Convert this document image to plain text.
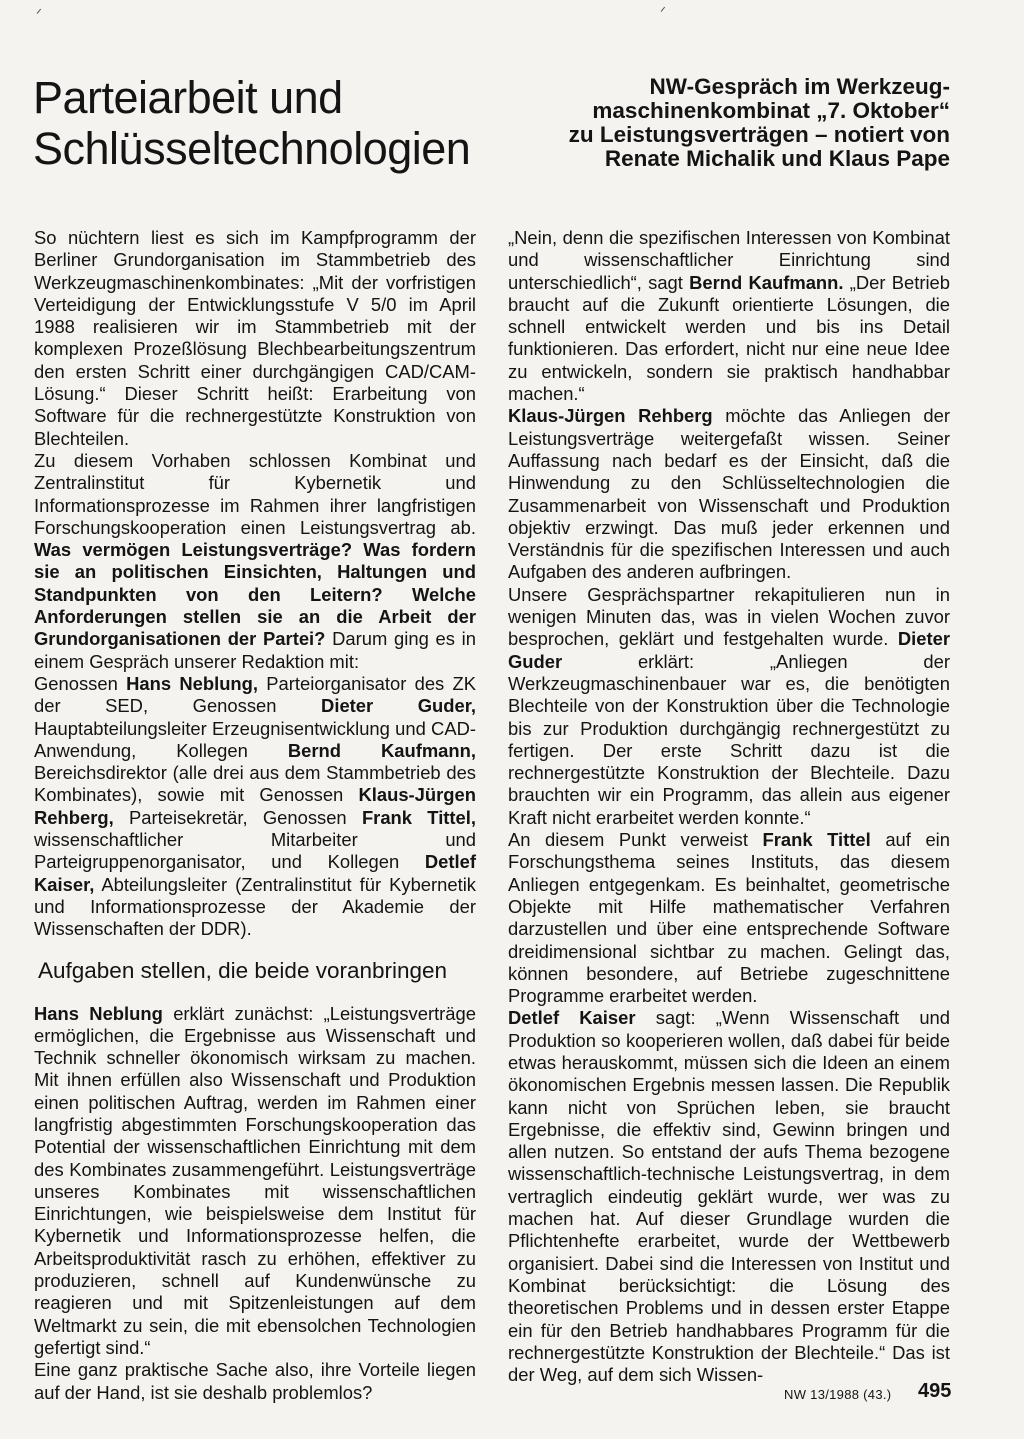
ᐟ	ᐟ
Parteiarbeit und
Schlüsseltechnologien
NW-Gespräch im Werkzeug-
maschinenkombinat „7. Oktober“
zu Leistungsverträgen – notiert von
Renate Michalik und Klaus Pape

So nüchtern liest es sich im Kampfprogramm der Berliner Grundorganisation im Stammbetrieb des Werkzeugmaschinenkombinates: „Mit der vorfristigen Verteidigung der Entwicklungsstufe V 5/0 im April 1988 realisieren wir im Stammbetrieb mit der komplexen Prozeßlösung Blechbearbeitungszentrum den ersten Schritt einer durchgängigen CAD/CAM-Lösung.“ Dieser Schritt heißt: Erarbeitung von Software für die rechnergestützte Konstruktion von Blechteilen.

Zu diesem Vorhaben schlossen Kombinat und Zentralinstitut für Kybernetik und Informationsprozesse im Rahmen ihrer langfristigen Forschungskooperation einen Leistungsvertrag ab. Was vermögen Leistungsverträge? Was fordern sie an politischen Einsichten, Haltungen und Standpunkten von den Leitern? Welche Anforderungen stellen sie an die Arbeit der Grundorganisationen der Partei? Darum ging es in einem Gespräch unserer Redaktion mit:

Genossen Hans Neblung, Parteiorganisator des ZK der SED, Genossen Dieter Guder, Hauptabteilungsleiter Erzeugnisentwicklung und CAD-Anwendung, Kollegen Bernd Kaufmann, Bereichsdirektor (alle drei aus dem Stammbetrieb des Kombinates), sowie mit Genossen Klaus-Jürgen Rehberg, Parteisekretär, Genossen Frank Tittel, wissenschaftlicher Mitarbeiter und Parteigruppenorganisator, und Kollegen Detlef Kaiser, Abteilungsleiter (Zentralinstitut für Kybernetik und Informationsprozesse der Akademie der Wissenschaften der DDR).

Aufgaben stellen, die beide voranbringen

Hans Neblung erklärt zunächst: „Leistungsverträge ermöglichen, die Ergebnisse aus Wissenschaft und Technik schneller ökonomisch wirksam zu machen. Mit ihnen erfüllen also Wissenschaft und Produktion einen politischen Auftrag, werden im Rahmen einer langfristig abgestimmten Forschungskooperation das Potential der wissenschaftlichen Einrichtung mit dem des Kombinates zusammengeführt. Leistungsverträge unseres Kombinates mit wissenschaftlichen Einrichtungen, wie beispielsweise dem Institut für Kybernetik und Informationsprozesse helfen, die Arbeitsproduktivität rasch zu erhöhen, effektiver zu produzieren, schnell auf Kundenwünsche zu reagieren und mit Spitzenleistungen auf dem Weltmarkt zu sein, die mit ebensolchen Technologien gefertigt sind.“

Eine ganz praktische Sache also, ihre Vorteile liegen auf der Hand, ist sie deshalb problemlos?

„Nein, denn die spezifischen Interessen von Kombinat und wissenschaftlicher Einrichtung sind unterschiedlich“, sagt Bernd Kaufmann. „Der Betrieb braucht auf die Zukunft orientierte Lösungen, die schnell entwickelt werden und bis ins Detail funktionieren. Das erfordert, nicht nur eine neue Idee zu entwickeln, sondern sie praktisch handhabbar machen.“

Klaus-Jürgen Rehberg möchte das Anliegen der Leistungsverträge weitergefaßt wissen. Seiner Auffassung nach bedarf es der Einsicht, daß die Hinwendung zu den Schlüsseltechnologien die Zusammenarbeit von Wissenschaft und Produktion objektiv erzwingt. Das muß jeder erkennen und Verständnis für die spezifischen Interessen und auch Aufgaben des anderen aufbringen.

Unsere Gesprächspartner rekapitulieren nun in wenigen Minuten das, was in vielen Wochen zuvor besprochen, geklärt und festgehalten wurde. Dieter Guder erklärt: „Anliegen der Werkzeugmaschinenbauer war es, die benötigten Blechteile von der Konstruktion über die Technologie bis zur Produktion durchgängig rechnergestützt zu fertigen. Der erste Schritt dazu ist die rechnergestützte Konstruktion der Blechteile. Dazu brauchten wir ein Programm, das allein aus eigener Kraft nicht erarbeitet werden konnte.“

An diesem Punkt verweist Frank Tittel auf ein Forschungsthema seines Instituts, das diesem Anliegen entgegenkam. Es beinhaltet, geometrische Objekte mit Hilfe mathematischer Verfahren darzustellen und über eine entsprechende Software dreidimensional sichtbar zu machen. Gelingt das, können besondere, auf Betriebe zugeschnittene Programme erarbeitet werden.

Detlef Kaiser sagt: „Wenn Wissenschaft und Produktion so kooperieren wollen, daß dabei für beide etwas herauskommt, müssen sich die Ideen an einem ökonomischen Ergebnis messen lassen. Die Republik kann nicht von Sprüchen leben, sie braucht Ergebnisse, die effektiv sind, Gewinn bringen und allen nutzen. So entstand der aufs Thema bezogene wissenschaftlich-technische Leistungsvertrag, in dem vertraglich eindeutig geklärt wurde, wer was zu machen hat. Auf dieser Grundlage wurden die Pflichtenhefte erarbeitet, wurde der Wettbewerb organisiert. Dabei sind die Interessen von Institut und Kombinat berücksichtigt: die Lösung des theoretischen Problems und in dessen erster Etappe ein für den Betrieb handhabbares Programm für die rechnergestützte Konstruktion der Blechteile.“ Das ist der Weg, auf dem sich Wissen-

NW 13/1988 (43.) 495
